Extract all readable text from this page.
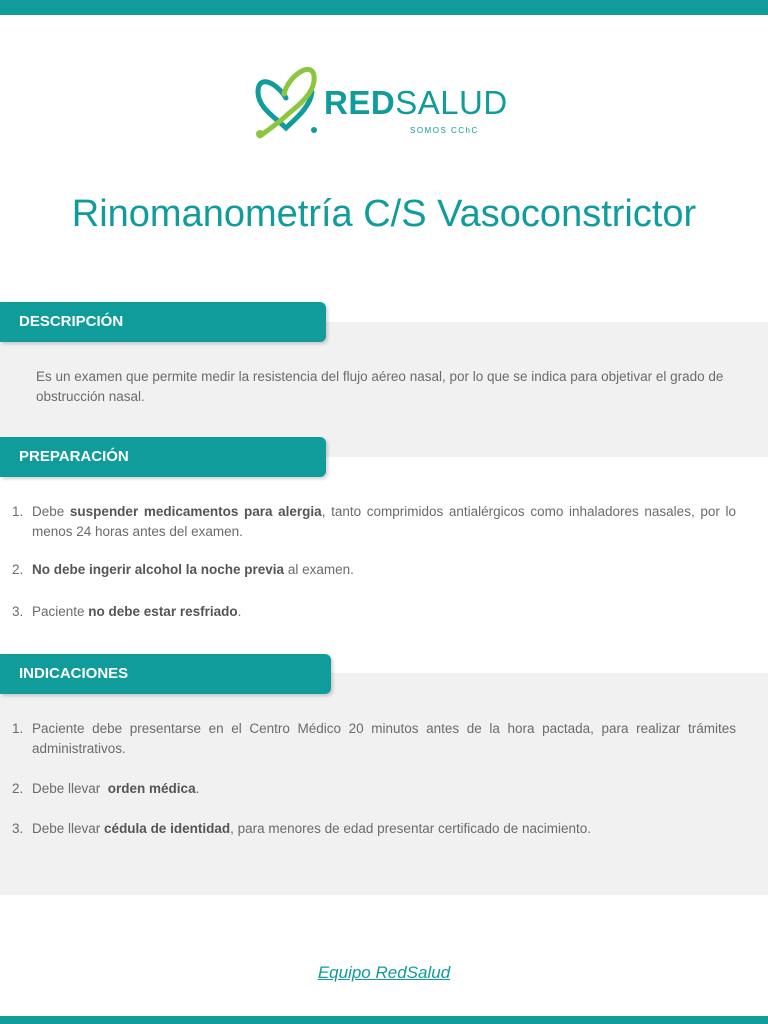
REDSALUD
SOMOS CChC
Rinomanometría C/S Vasoconstrictor
DESCRIPCIÓN

Es un examen que permite medir la resistencia del flujo aéreo nasal, por lo que se indica para objetivar el grado de obstrucción nasal.

PREPARACIÓN
1. Debe suspender medicamentos para alergia, tanto comprimidos antialérgicos como inhaladores nasales, por lo menos 24 horas antes del examen.
2. No debe ingerir alcohol la noche previa al examen.
3. Paciente no debe estar resfriado.
INDICACIONES
1. Paciente debe presentarse en el Centro Médico 20 minutos antes de la hora pactada, para realizar trámites administrativos.
2. Debe llevar  orden médica.
3. Debe llevar cédula de identidad, para menores de edad presentar certificado de nacimiento.
Equipo RedSalud
